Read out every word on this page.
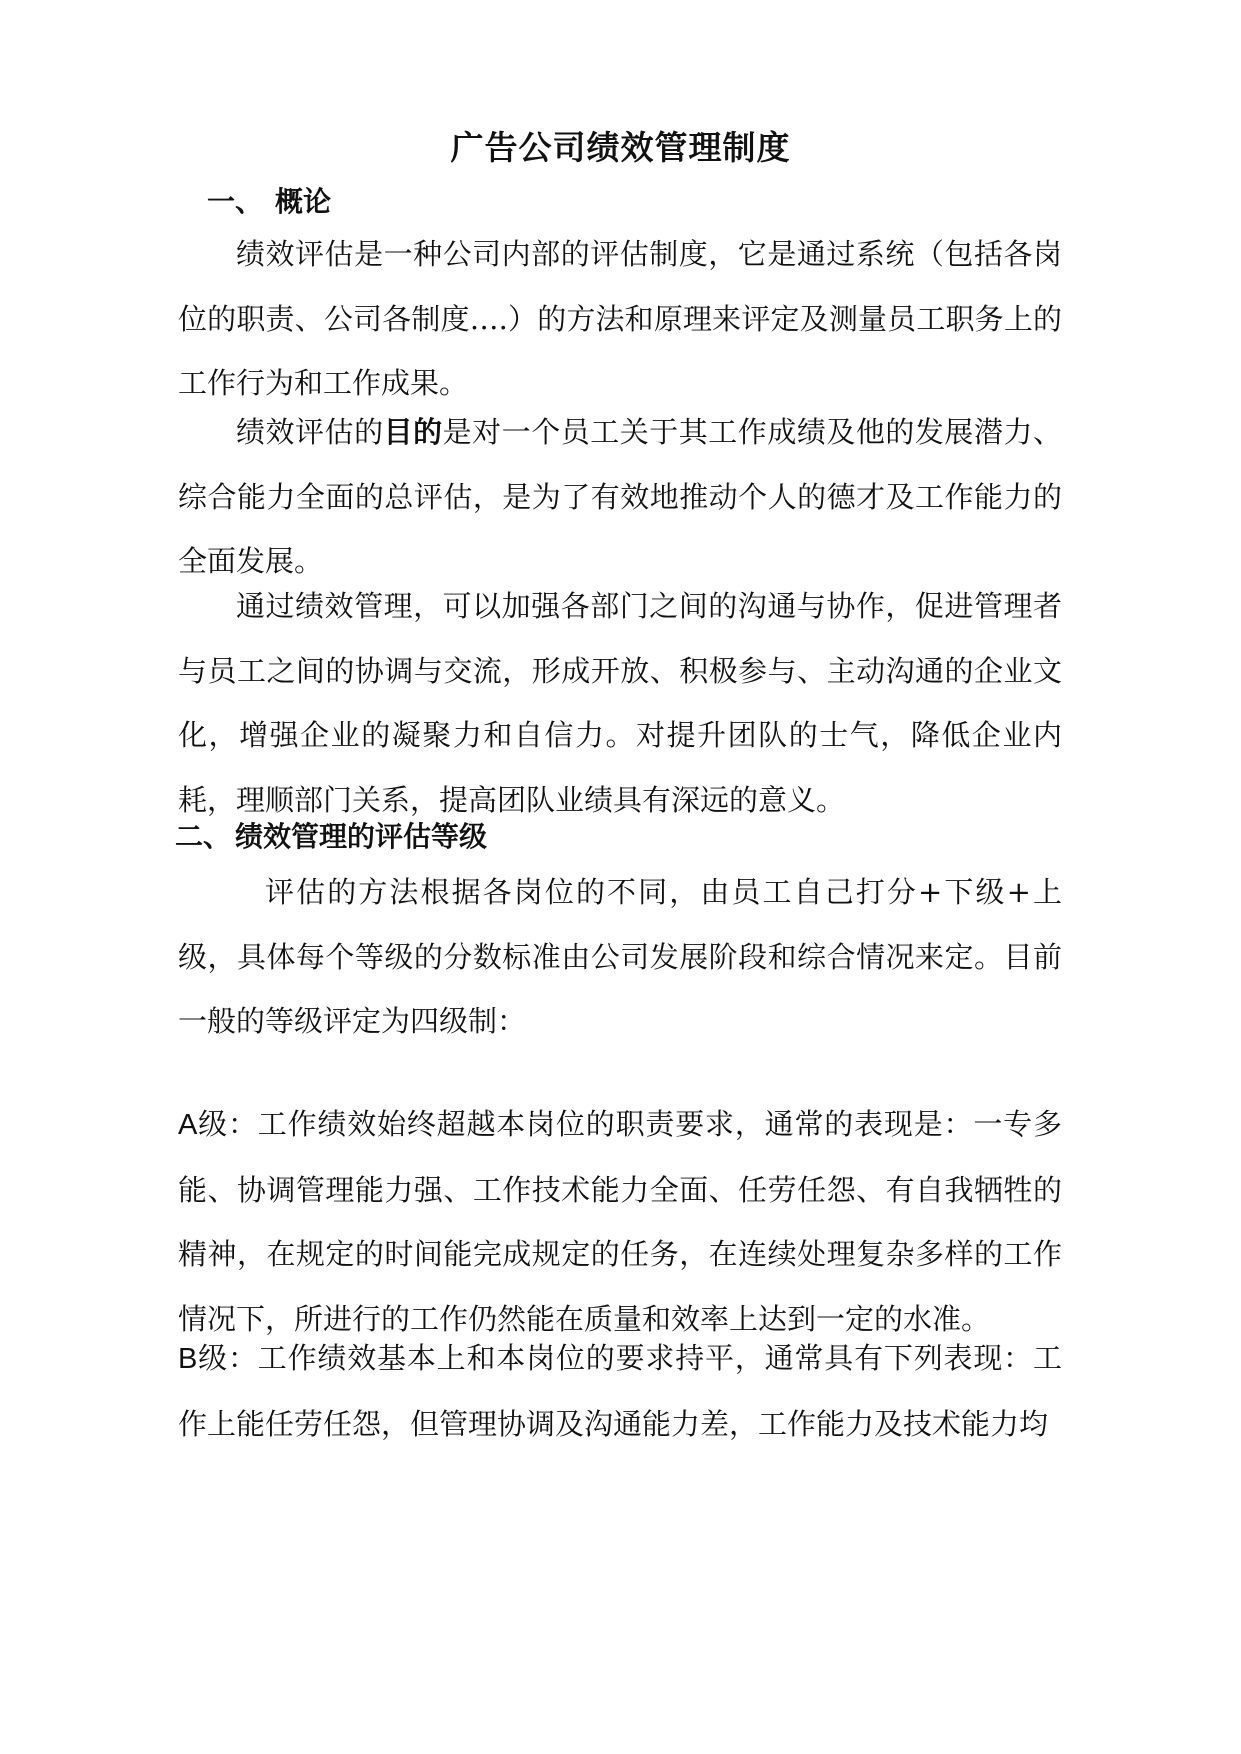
广告公司绩效管理制度
一、 概论

绩效评估是一种公司内部的评估制度，它是通过系统（包括各岗位的职责、公司各制度….）的方法和原理来评定及测量员工职务上的工作行为和工作成果。

绩效评估的目的是对一个员工关于其工作成绩及他的发展潜力、综合能力全面的总评估，是为了有效地推动个人的德才及工作能力的全面发展。

通过绩效管理，可以加强各部门之间的沟通与协作，促进管理者与员工之间的协调与交流，形成开放、积极参与、主动沟通的企业文化，增强企业的凝聚力和自信力。对提升团队的士气，降低企业内耗，理顺部门关系，提高团队业绩具有深远的意义。

二、 绩效管理的评估等级

评估的方法根据各岗位的不同，由员工自己打分+下级+上级，具体每个等级的分数标准由公司发展阶段和综合情况来定。目前一般的等级评定为四级制：

A级：工作绩效始终超越本岗位的职责要求，通常的表现是：一专多能、协调管理能力强、工作技术能力全面、任劳任怨、有自我牺牲的精神，在规定的时间能完成规定的任务，在连续处理复杂多样的工作情况下，所进行的工作仍然能在质量和效率上达到一定的水准。

B级：工作绩效基本上和本岗位的要求持平，通常具有下列表现：工作上能任劳任怨，但管理协调及沟通能力差，工作能力及技术能力均
